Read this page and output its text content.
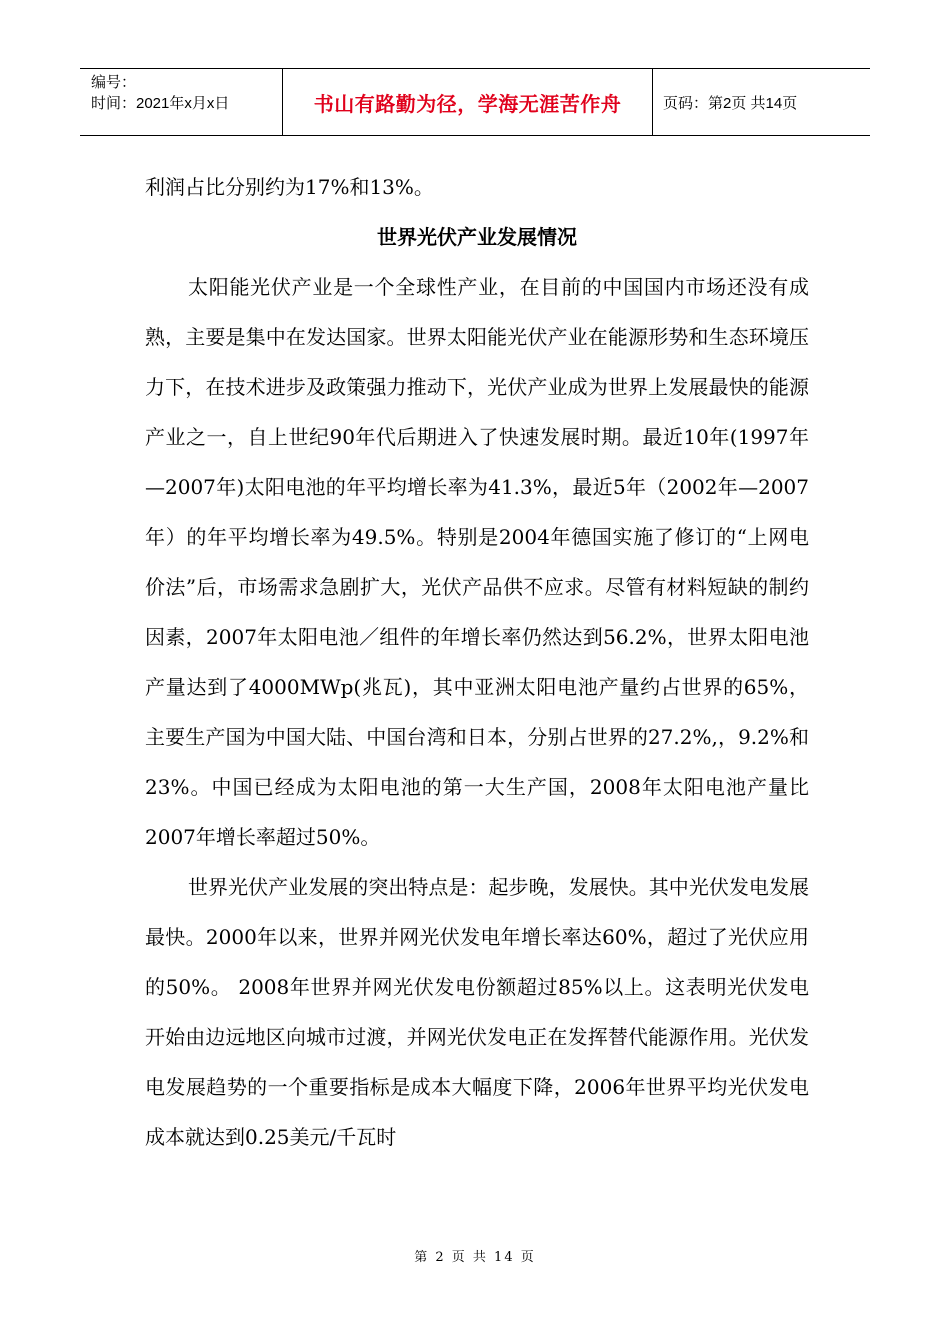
编号：
时间：2021年x月x日	书山有路勤为径，学海无涯苦作舟	页码：第2页 共14页

利润占比分别约为17%和13%。

世界光伏产业发展情况

太阳能光伏产业是一个全球性产业，在目前的中国国内市场还没有成熟，主要是集中在发达国家。世界太阳能光伏产业在能源形势和生态环境压力下，在技术进步及政策强力推动下，光伏产业成为世界上发展最快的能源产业之一，自上世纪90年代后期进入了快速发展时期。最近10年(1997年—2007年)太阳电池的年平均增长率为41.3%，最近5年（2002年—2007年）的年平均增长率为49.5%。特别是2004年德国实施了修订的“上网电价法”后，市场需求急剧扩大，光伏产品供不应求。尽管有材料短缺的制约因素，2007年太阳电池／组件的年增长率仍然达到56.2%，世界太阳电池产量达到了4000MWp(兆瓦)，其中亚洲太阳电池产量约占世界的65%，主要生产国为中国大陆、中国台湾和日本，分别占世界的27.2%,，9.2%和23%。中国已经成为太阳电池的第一大生产国，2008年太阳电池产量比2007年增长率超过50%。

世界光伏产业发展的突出特点是：起步晚，发展快。其中光伏发电发展最快。2000年以来，世界并网光伏发电年增长率达60%，超过了光伏应用的50%。 2008年世界并网光伏发电份额超过85%以上。这表明光伏发电开始由边远地区向城市过渡，并网光伏发电正在发挥替代能源作用。光伏发电发展趋势的一个重要指标是成本大幅度下降，2006年世界平均光伏发电成本就达到0.25美元/千瓦时

第 2 页 共 14 页
